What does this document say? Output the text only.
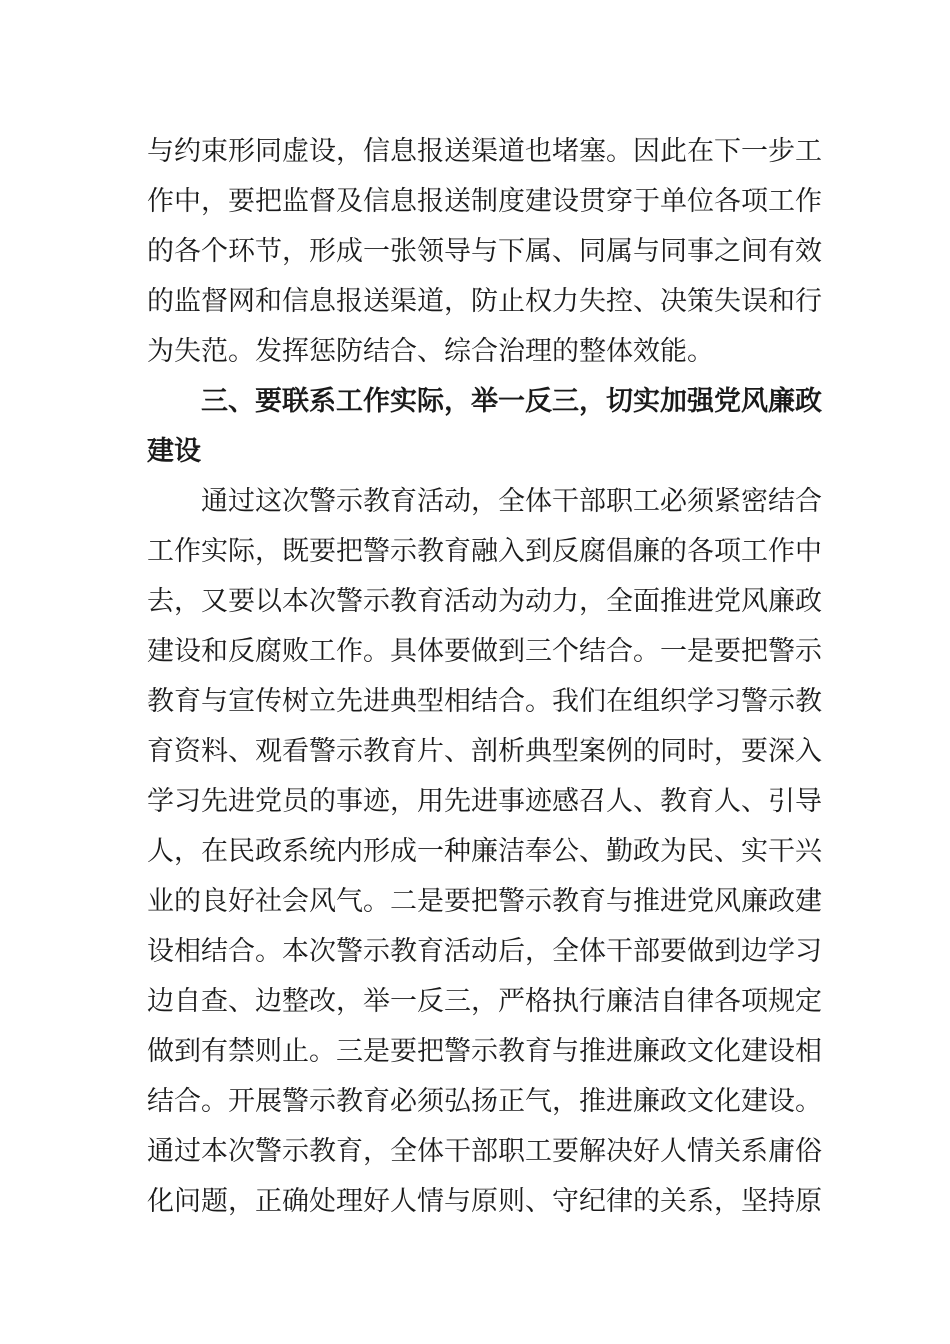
与约束形同虚设，信息报送渠道也堵塞。因此在下一步工
作中，要把监督及信息报送制度建设贯穿于单位各项工作
的各个环节，形成一张领导与下属、同属与同事之间有效
的监督网和信息报送渠道，防止权力失控、决策失误和行
为失范。发挥惩防结合、综合治理的整体效能。
三、要联系工作实际，举一反三，切实加强党风廉政
建设
通过这次警示教育活动，全体干部职工必须紧密结合
工作实际，既要把警示教育融入到反腐倡廉的各项工作中
去，又要以本次警示教育活动为动力，全面推进党风廉政
建设和反腐败工作。具体要做到三个结合。一是要把警示
教育与宣传树立先进典型相结合。我们在组织学习警示教
育资料、观看警示教育片、剖析典型案例的同时，要深入
学习先进党员的事迹，用先进事迹感召人、教育人、引导
人，在民政系统内形成一种廉洁奉公、勤政为民、实干兴
业的良好社会风气。二是要把警示教育与推进党风廉政建
设相结合。本次警示教育活动后，全体干部要做到边学习
边自查、边整改，举一反三，严格执行廉洁自律各项规定
做到有禁则止。三是要把警示教育与推进廉政文化建设相
结合。开展警示教育必须弘扬正气，推进廉政文化建设。
通过本次警示教育，全体干部职工要解决好人情关系庸俗
化问题，正确处理好人情与原则、守纪律的关系，坚持原
